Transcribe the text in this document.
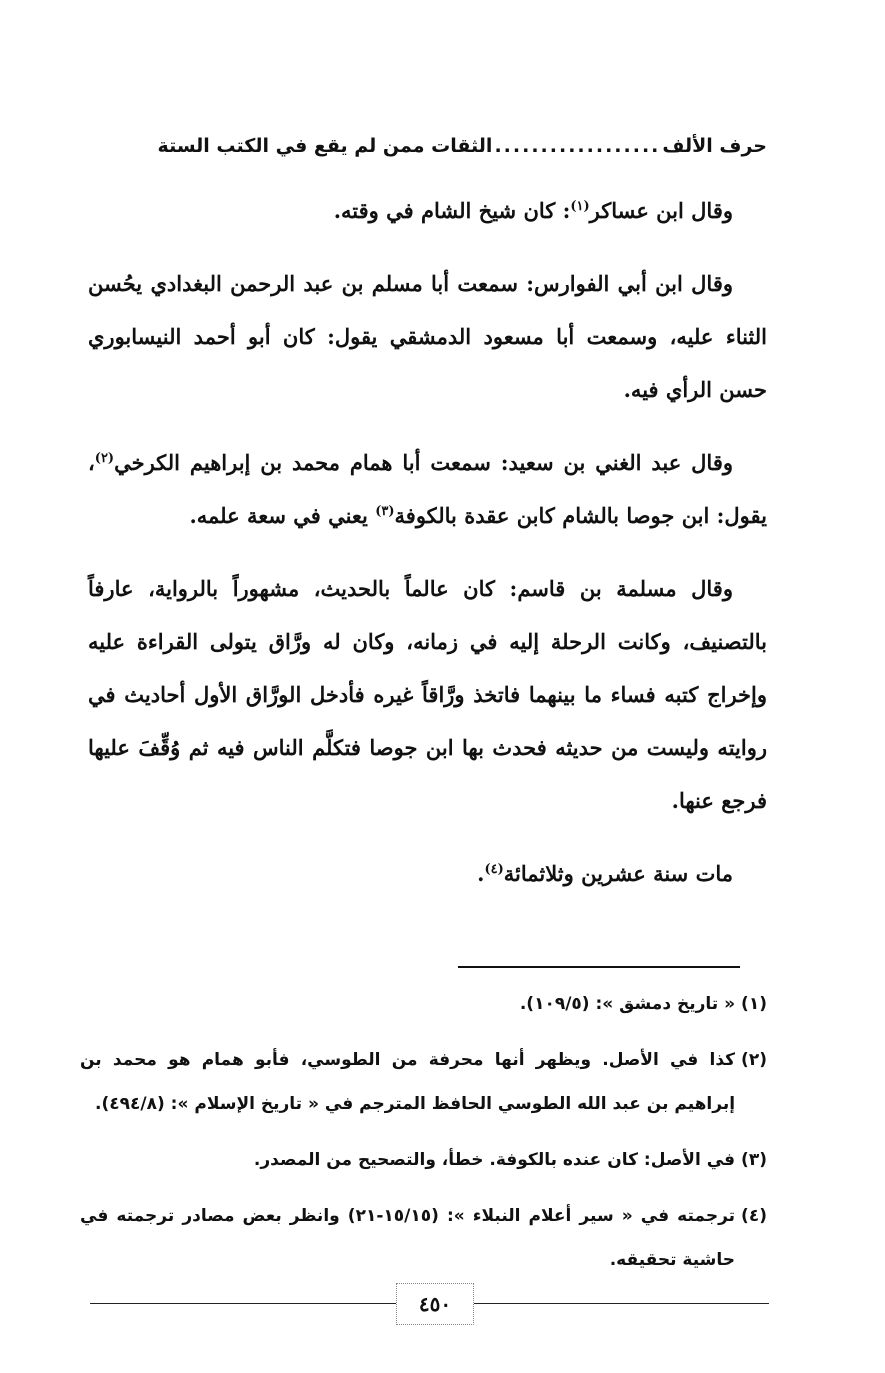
حرف الألف
..................
الثقات ممن لم يقع في الكتب الستة

وقال ابن عساكر$^{(١)}$: كان شيخ الشام في وقته.

وقال ابن أبي الفوارس: سمعت أبا مسلم بن عبد الرحمن البغدادي يحُسن الثناء عليه، وسمعت أبا مسعود الدمشقي يقول: كان أبو أحمد النيسابوري حسن الرأي فيه.

وقال عبد الغني بن سعيد: سمعت أبا همام محمد بن إبراهيم الكرخي$^{(٢)}$، يقول: ابن جوصا بالشام كابن عقدة بالكوفة$^{(٣)}$ يعني في سعة علمه.

وقال مسلمة بن قاسم: كان عالماً بالحديث، مشهوراً بالرواية، عارفاً بالتصنيف، وكانت الرحلة إليه في زمانه، وكان له ورَّاق يتولى القراءة عليه وإخراج كتبه فساء ما بينهما فاتخذ ورَّاقاً غيره فأدخل الورَّاق الأول أحاديث في روايته وليست من حديثه فحدث بها ابن جوصا فتكلَّم الناس فيه ثم وُقِّفَ عليها فرجع عنها.

مات سنة عشرين وثلاثمائة$^{(٤)}$.

(١)
« تاريخ دمشق »: (١٠٩/٥).
(٢)
كذا في الأصل. ويظهر أنها محرفة من الطوسي، فأبو همام هو محمد بن إبراهيم بن عبد الله الطوسي الحافظ المترجم في « تاريخ الإسلام »: (٤٩٤/٨).
(٣)
في الأصل: كان عنده بالكوفة. خطأ، والتصحيح من المصدر.
(٤)
ترجمته في « سير أعلام النبلاء »: (١٥/١٥-٢١) وانظر بعض مصادر ترجمته في حاشية تحقيقه.
٤٥٠
